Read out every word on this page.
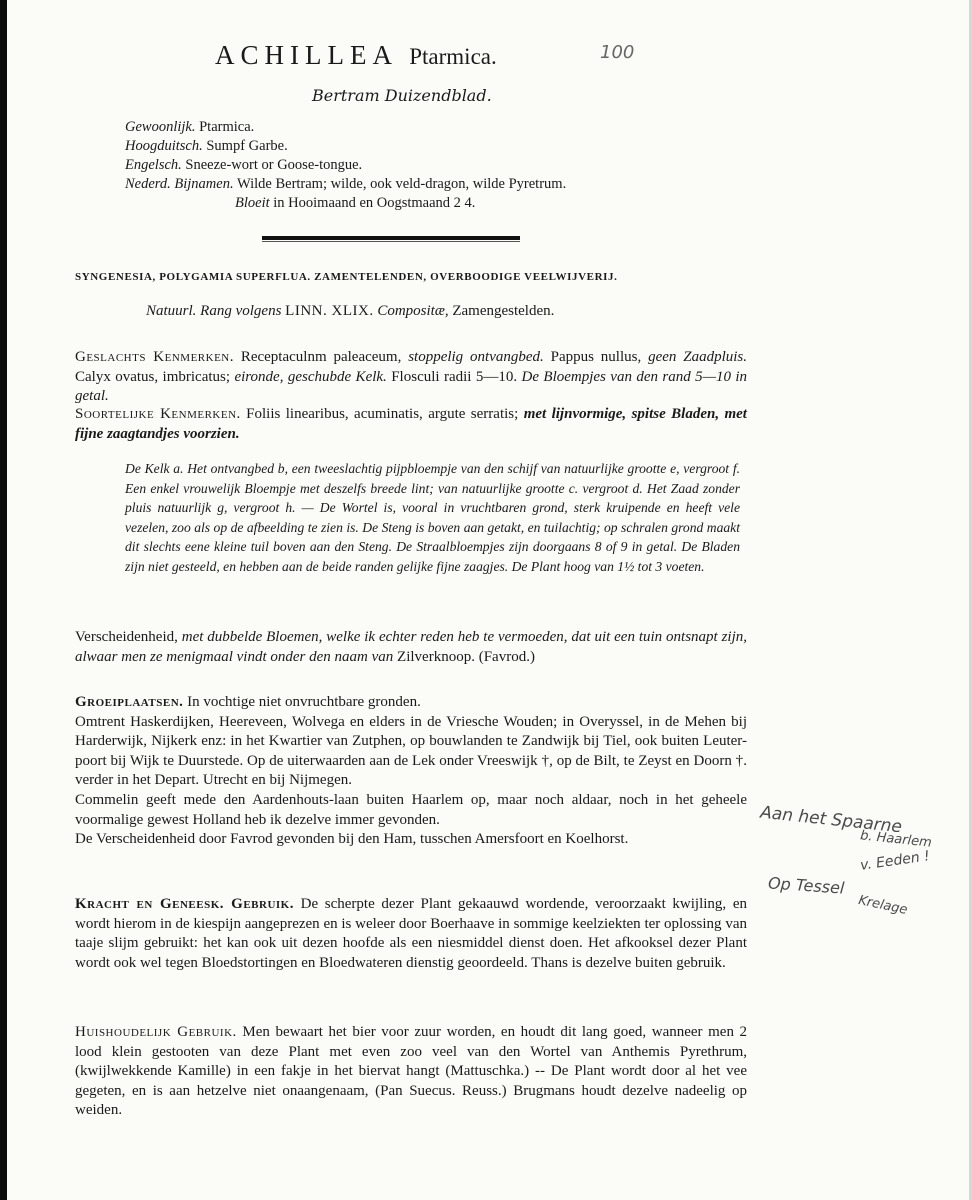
ACHILLEA Ptarmica.	100
Bertram Duizendblad.
Gewoonlijk. Ptarmica.
Hoogduitsch. Sumpf Garbe.
Engelsch. Sneeze-wort or Goose-tongue.
Nederd. Bijnamen. Wilde Bertram; wilde, ook veld-dragon, wilde Pyretrum.
Bloeit in Hooimaand en Oogstmaand 2 4.
SYNGENESIA, POLYGAMIA SUPERFLUA. ZAMENTELENDEN, OVERBOODIGE VEELWIJVERIJ.
Natuurl. Rang volgens LINN. XLIX. Compositæ, Zamengestelden.
Geslachts Kenmerken. Receptaculnm paleaceum, stoppelig ontvangbed. Pappus nullus, geen Zaadpluis. Calyx ovatus, imbricatus; eironde, geschubde Kelk. Flosculi radii 5—10. De Bloempjes van den rand 5—10 in getal.
Soortelijke Kenmerken. Foliis linearibus, acuminatis, argute serratis; met lijnvormige, spitse Bladen, met fijne zaagtandjes voorzien.
De Kelk a. Het ontvangbed b, een tweeslachtig pijpbloempje van den schijf van natuurlijke grootte e, vergroot f. Een enkel vrouwelijk Bloempje met deszelfs breede lint; van natuurlijke grootte c. vergroot d. Het Zaad zonder pluis natuurlijk g, vergroot h. — De Wortel is, vooral in vruchtbaren grond, sterk kruipende en heeft vele vezelen, zoo als op de afbeelding te zien is. De Steng is boven aan getakt, en tuilachtig; op schralen grond maakt dit slechts eene kleine tuil boven aan den Steng. De Straalbloempjes zijn doorgaans 8 of 9 in getal. De Bladen zijn niet gesteeld, en hebben aan de beide randen gelijke fijne zaagjes. De Plant hoog van 1½ tot 3 voeten.
Verscheidenheid, met dubbelde Bloemen, welke ik echter reden heb te vermoeden, dat uit een tuin ontsnapt zijn, alwaar men ze menigmaal vindt onder den naam van Zilverknoop. (Favrod.)
Groeiplaatsen. In vochtige niet onvruchtbare gronden.
Omtrent Haskerdijken, Heereveen, Wolvega en elders in de Vriesche Wouden; in Overyssel, in de Mehen bij Harderwijk, Nijkerk enz: in het Kwartier van Zutphen, op bouwlanden te Zandwijk bij Tiel, ook buiten Leuter-poort bij Wijk te Duurstede. Op de uiterwaarden aan de Lek onder Vreeswijk †, op de Bilt, te Zeyst en Doorn †. verder in het Depart. Utrecht en bij Nijmegen.
Commelin geeft mede den Aardenhouts-laan buiten Haarlem op, maar noch aldaar, noch in het geheele voormalige gewest Holland heb ik dezelve immer gevonden.
De Verscheidenheid door Favrod gevonden bij den Ham, tusschen Amersfoort en Koelhorst.
Kracht en Geneesk. Gebruik. De scherpte dezer Plant gekaauwd wordende, veroorzaakt kwijling, en wordt hierom in de kiespijn aangeprezen en is weleer door Boerhaave in sommige keelziekten ter oplossing van taaje slijm gebruikt: het kan ook uit dezen hoofde als een niesmiddel dienst doen. Het afkooksel dezer Plant wordt ook wel tegen Bloedstortingen en Bloedwateren dienstig geoordeeld. Thans is dezelve buiten gebruik.
Huishoudelijk Gebruik. Men bewaart het bier voor zuur worden, en houdt dit lang goed, wanneer men 2 lood klein gestooten van deze Plant met even zoo veel van den Wortel van Anthemis Pyrethrum, (kwijlwekkende Kamille) in een fakje in het biervat hangt (Mattuschka.) -- De Plant wordt door al het vee gegeten, en is aan hetzelve niet onaangenaam, (Pan Suecus. Reuss.) Brugmans houdt dezelve nadeelig op weiden.
Aan het Spaarne
b. Haarlem
v. Eeden !
Op Tessel
Krelage
